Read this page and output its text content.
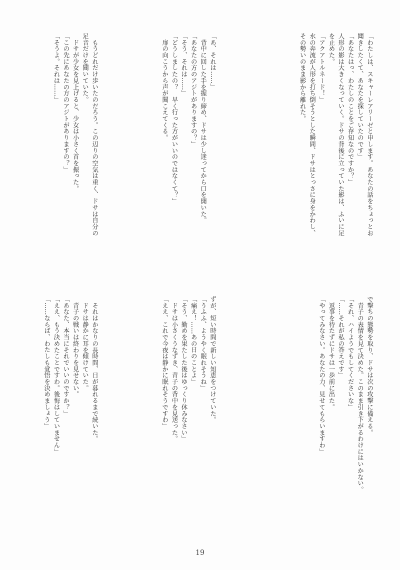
「わたしは、スキャーレアリーゼと申します。あなたの話をちょっとお聞きしたくて、あなたを探していたのです」
「あなたはっ、わたしのことをご存知なのですか？」
人形の影は大きくなっていく。ドサの背後に立っていた影は、ふいに足を止めた。
「アクアトルネード！」
水の奔流が人形を打ち倒そうとした瞬間、ドサはとっさに身をかわし、その勢いのまま影から離れた。

「あ、それは……」
　背中に回した手を握り締め、ドサは少し迷ってから口を開いた。
「あなたの方のアジトがありますの？」
「そう、それは……」
「どうしましたの？　早く行った方がいいのではなくて？」
　扉の向こうから声が聞こえてくる。

　もうどれだけ歩いたのだろう。この辺りの空気は重く、ドサは自分の足音だけを聞いていた。
　ドサが少女を見上げると、少女は小さく首を振った。
「この先にあなたの方のアジトがありますの？」
「そうよ。それは……」

で撃ちの態勢を取り、ドサは次の攻撃に備える。
　青子の表情を見て決めた。このまま引き下がるわけにはいかない。
「それ、ハイようでもしてくださいな」
「……それが私の答えです」
　返事を待たずにドサは一歩前に出た。
「やってみなさい。あなたの力、見せてもらいますわ」

ずが、短い時間で新しい知恵をつけていた。
「うふふ、ようやく眠れそうね」
「痛え！……あの日のことよ」
「そう、勤めを果たした後はゆっくり休みなさい」
　ドサは小さくうなずき、青子の背中を見送った。
「ええ、これで今夜は静かに眠れそうですわ」

　それはかなりの長時間、日が暮れるまで続いた。
　ドサは静かに耳を傾けていた。
　青子の戦いは終わりを見せない。
「あなた、本当にそれでいいのですか？」
「ええ、もう決めたことですわ。後悔はしていません」
「……ならば、わたしも覚悟を決めましょう」

19
